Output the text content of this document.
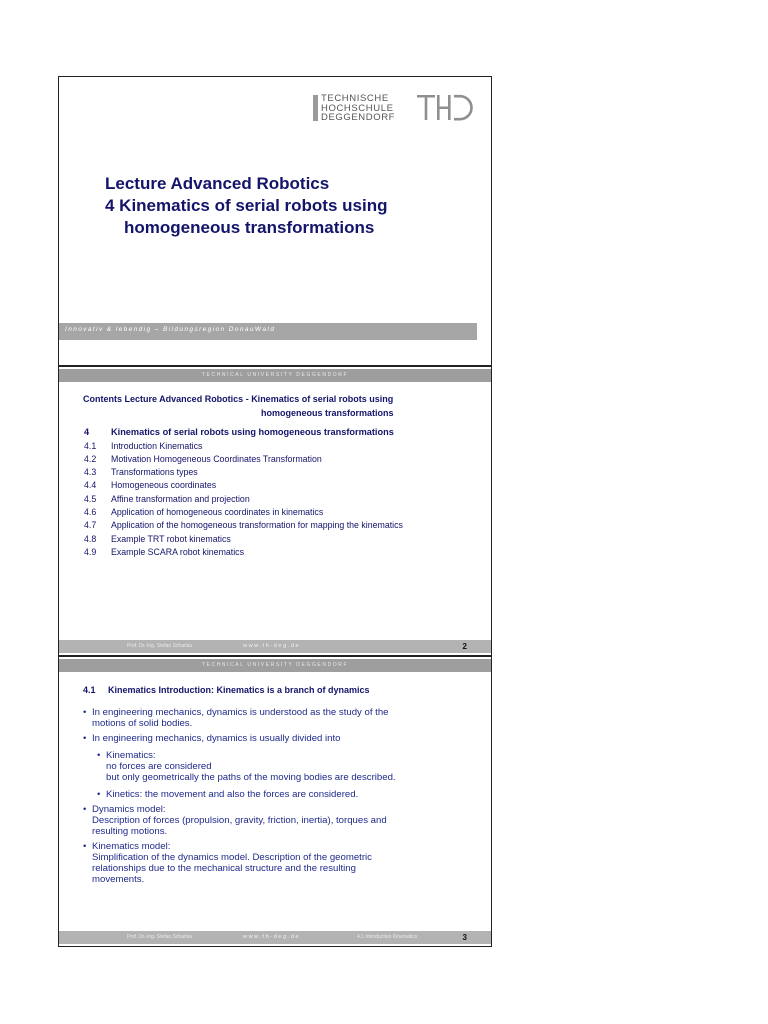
TECHNISCHE
HOCHSCHULE
DEGGENDORF
Lecture Advanced Robotics
4 Kinematics of serial robots using
homogeneous transformations
Innovativ & lebendig – Bildungsregion DonauWald
TECHNICAL UNIVERSITY DEGGENDORF
Contents Lecture Advanced Robotics - Kinematics of serial robots using
homogeneous transformations
4 Kinematics of serial robots using homogeneous transformations
4.1 Introduction Kinematics
4.2 Motivation Homogeneous Coordinates Transformation
4.3 Transformations types
4.4 Homogeneous coordinates
4.5 Affine transformation and projection
4.6 Application of homogeneous coordinates in kinematics
4.7 Application of the homogeneous transformation for mapping the kinematics
4.8 Example TRT robot kinematics
4.9 Example SCARA robot kinematics
Prof. Dr.-Ing. Stefan Scharlau	www.th-deg.de	2
TECHNICAL UNIVERSITY DEGGENDORF
4.1 Kinematics Introduction: Kinematics is a branch of dynamics
• In engineering mechanics, dynamics is understood as the study of the
motions of solid bodies.
• In engineering mechanics, dynamics is usually divided into
• Kinematics:
no forces are considered
but only geometrically the paths of the moving bodies are described.
• Kinetics: the movement and also the forces are considered.
• Dynamics model:
Description of forces (propulsion, gravity, friction, inertia), torques and
resulting motions.
• Kinematics model:
Simplification of the dynamics model. Description of the geometric
relationships due to the mechanical structure and the resulting
movements.
Prof. Dr.-Ing. Stefan Scharlau	www.th-deg.de	4.1 Introduction Kinematics	3
